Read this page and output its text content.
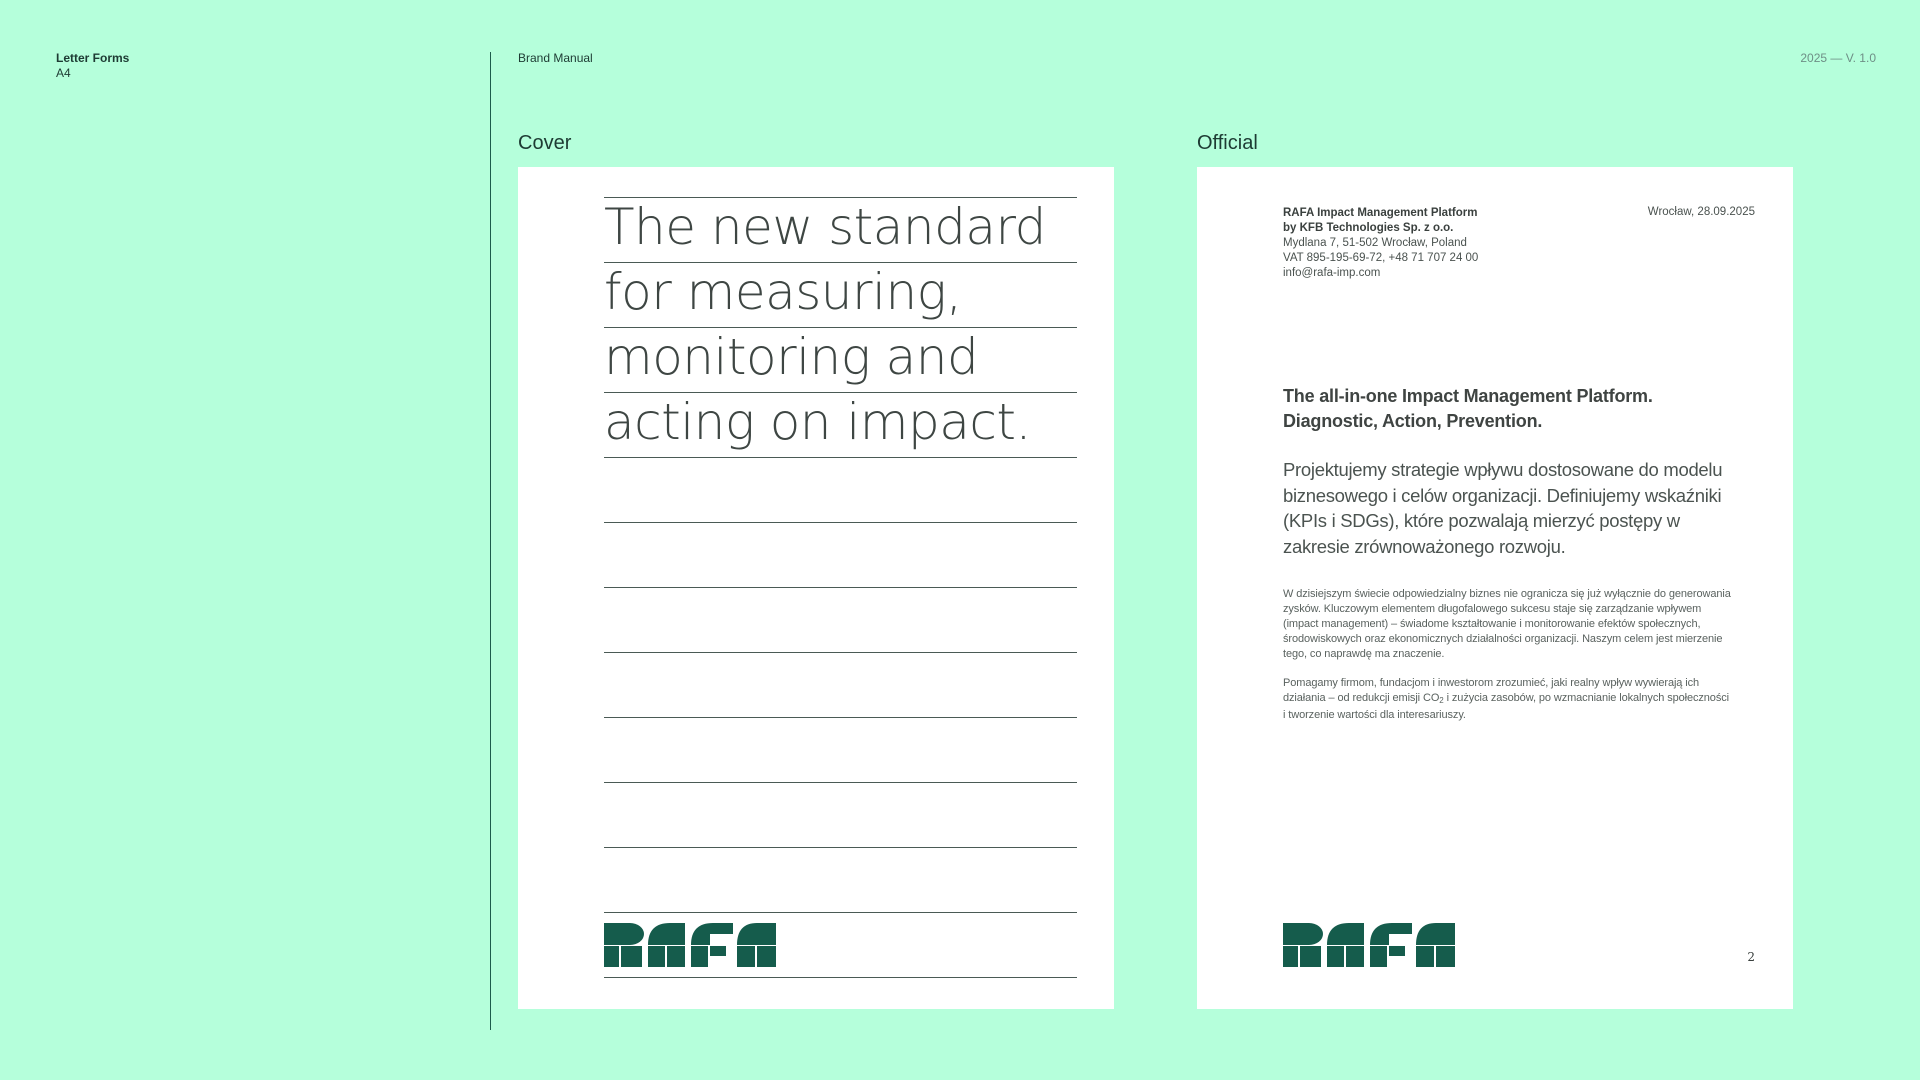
Letter Forms
A4
Brand Manual	2025 — V. 1.0
Cover	Official
The new standard
for measuring,
monitoring and
acting on impact.
RAFA Impact Management Platform
by KFB Technologies Sp. z o.o.
Mydlana 7, 51-502 Wrocław, Poland
VAT 895-195-69-72, +48 71 707 24 00
info@rafa-imp.com
Wrocław, 28.09.2025
The all-in-one Impact Management Platform.
Diagnostic, Action, Prevention.
Projektujemy strategie wpływu dostosowane do modelu biznesowego i celów organizacji. Definiujemy wskaźniki (KPIs i SDGs), które pozwalają mierzyć postępy w zakresie zrównoważonego rozwoju.
W dzisiejszym świecie odpowiedzialny biznes nie ogranicza się już wyłącznie do generowania zysków. Kluczowym elementem długofalowego sukcesu staje się zarządzanie wpływem (impact management) – świadome kształtowanie i monitorowanie efektów społecznych, środowiskowych oraz ekonomicznych działalności organizacji. Naszym celem jest mierzenie tego, co naprawdę ma znaczenie.
Pomagamy firmom, fundacjom i inwestorom zrozumieć, jaki realny wpływ wywierają ich działania – od redukcji emisji $CO_2$ i zużycia zasobów, po wzmacnianie lokalnych społeczności i tworzenie wartości dla interesariuszy.
2
